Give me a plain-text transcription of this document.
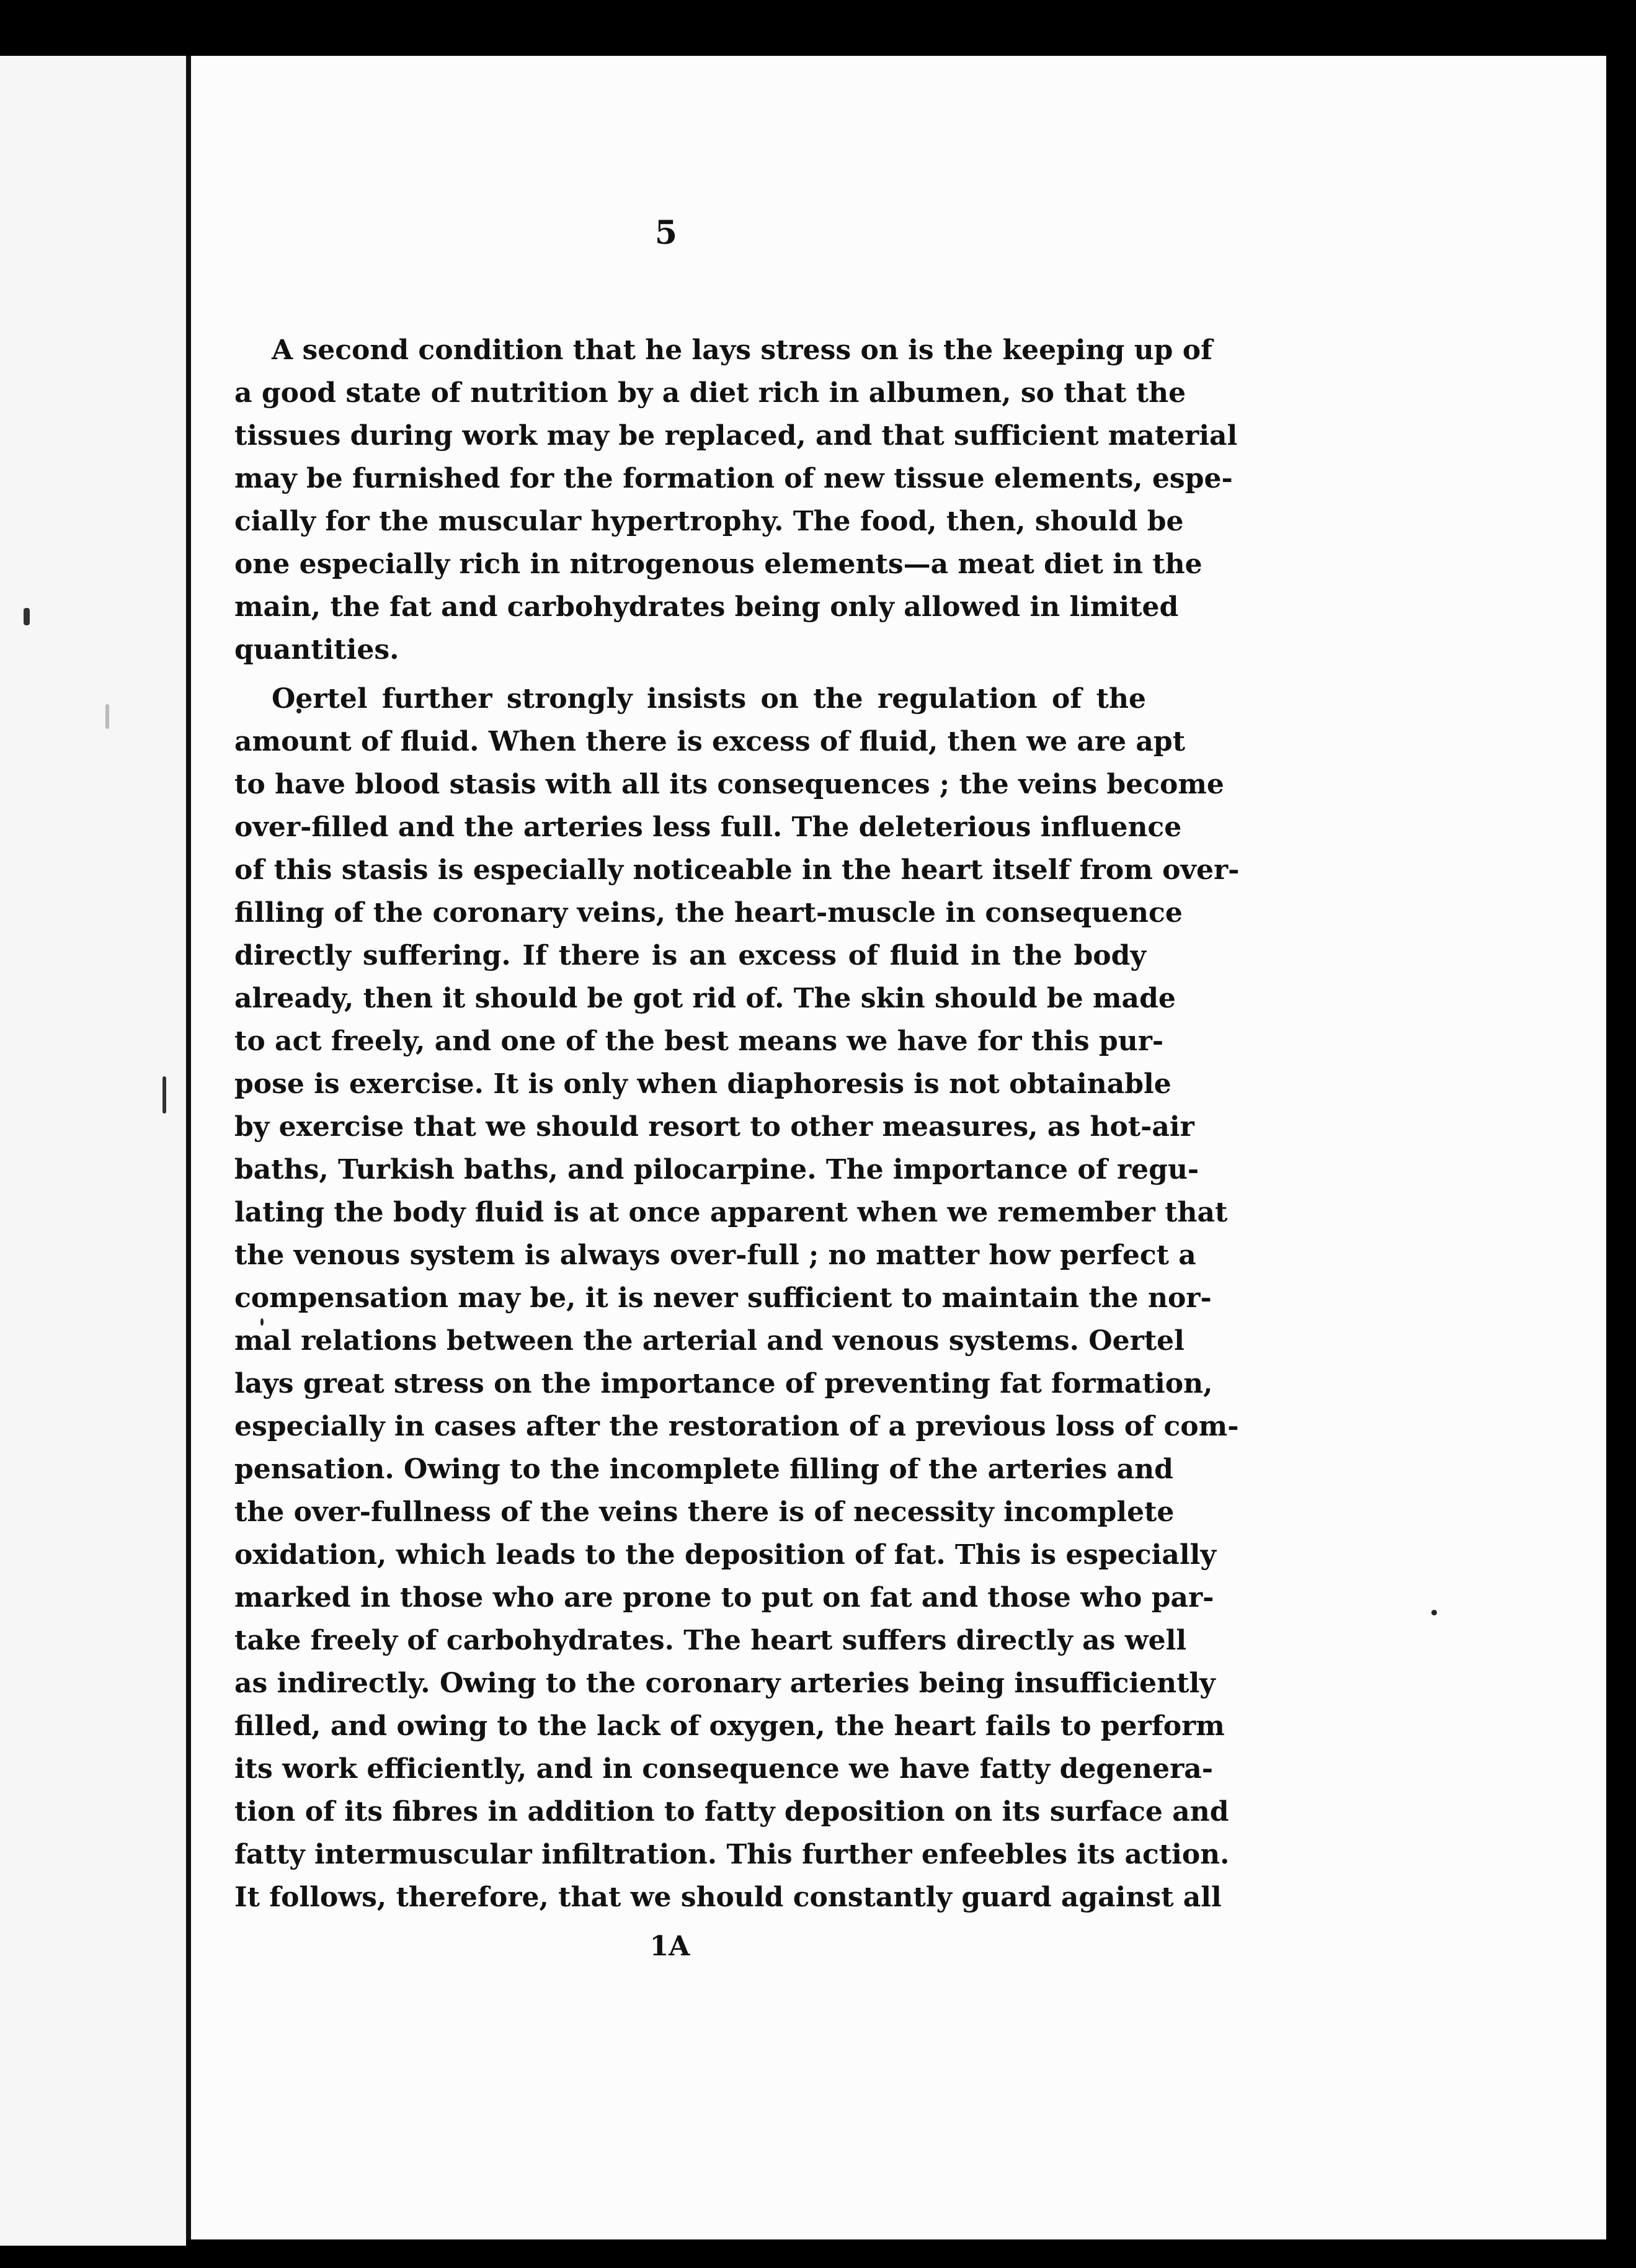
5
A second condition that he lays stress on is the keeping up of
a good state of nutrition by a diet rich in albumen, so that the
tissues during work may be replaced, and that sufficient material
may be furnished for the formation of new tissue elements, espe-
cially for the muscular hypertrophy. The food, then, should be
one especially rich in nitrogenous elements—a meat diet in the
main, the fat and carbohydrates being only allowed in limited
quantities.
Oertel further strongly insists on the regulation of the
amount of fluid. When there is excess of fluid, then we are apt
to have blood stasis with all its consequences ; the veins become
over-filled and the arteries less full. The deleterious influence
of this stasis is especially noticeable in the heart itself from over-
filling of the coronary veins, the heart-muscle in consequence
directly suffering. If there is an excess of fluid in the body
already, then it should be got rid of. The skin should be made
to act freely, and one of the best means we have for this pur-
pose is exercise. It is only when diaphoresis is not obtainable
by exercise that we should resort to other measures, as hot-air
baths, Turkish baths, and pilocarpine. The importance of regu-
lating the body fluid is at once apparent when we remember that
the venous system is always over-full ; no matter how perfect a
compensation may be, it is never sufficient to maintain the nor-
mal relations between the arterial and venous systems. Oertel
lays great stress on the importance of preventing fat formation,
especially in cases after the restoration of a previous loss of com-
pensation. Owing to the incomplete filling of the arteries and
the over-fullness of the veins there is of necessity incomplete
oxidation, which leads to the deposition of fat. This is especially
marked in those who are prone to put on fat and those who par-
take freely of carbohydrates. The heart suffers directly as well
as indirectly. Owing to the coronary arteries being insufficiently
filled, and owing to the lack of oxygen, the heart fails to perform
its work efficiently, and in consequence we have fatty degenera-
tion of its fibres in addition to fatty deposition on its surface and
fatty intermuscular infiltration. This further enfeebles its action.
It follows, therefore, that we should constantly guard against all
1A
